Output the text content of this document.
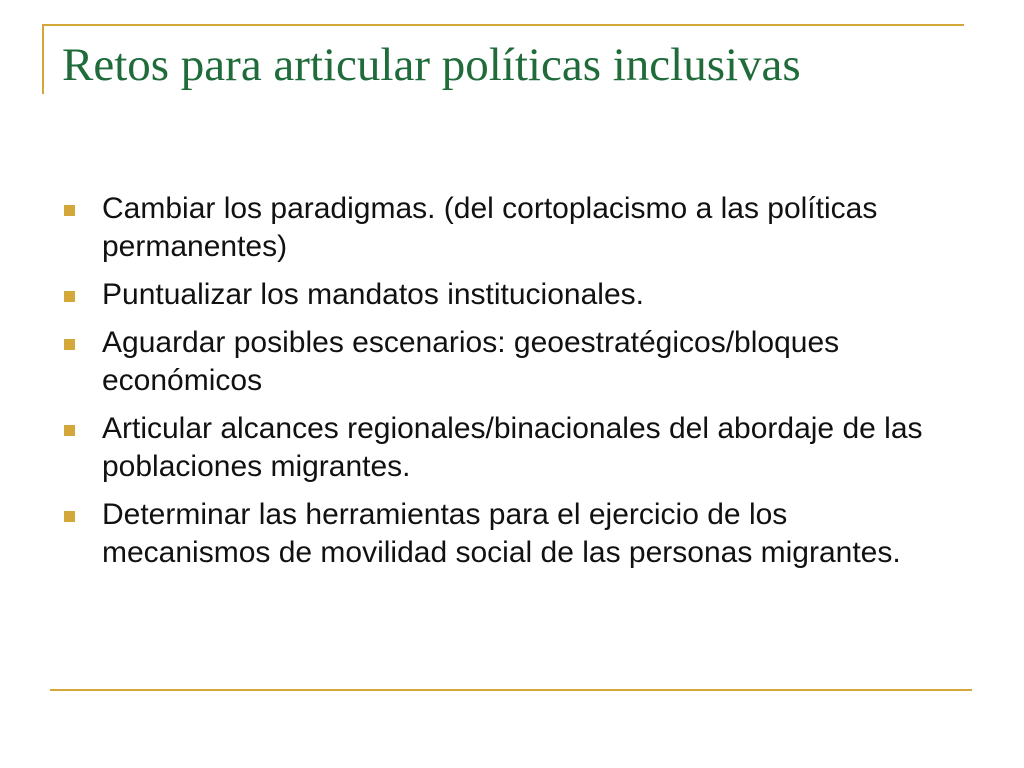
Retos para articular políticas inclusivas
Cambiar los paradigmas. (del cortoplacismo a las políticas permanentes)
Puntualizar los mandatos institucionales.
Aguardar posibles escenarios: geoestratégicos/bloques económicos
Articular alcances regionales/binacionales del abordaje de las poblaciones migrantes.
Determinar las herramientas para el ejercicio de los mecanismos de movilidad social de las personas migrantes.
